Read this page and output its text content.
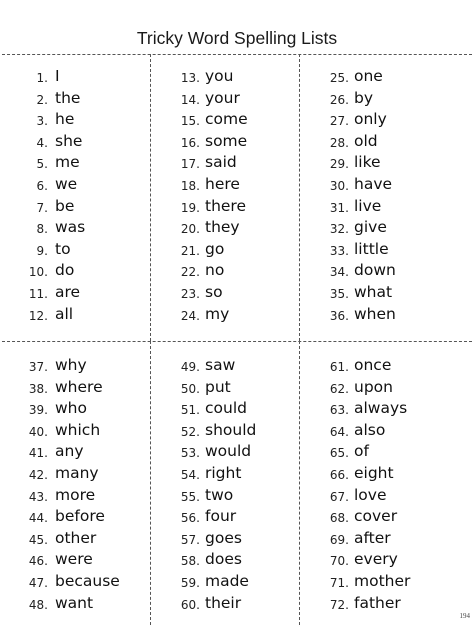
Tricky Word Spelling Lists
1. I
2. the
3. he
4. she
5. me
6. we
7. be
8. was
9. to
10. do
11. are
12. all
13. you
14. your
15. come
16. some
17. said
18. here
19. there
20. they
21. go
22. no
23. so
24. my
25. one
26. by
27. only
28. old
29. like
30. have
31. live
32. give
33. little
34. down
35. what
36. when
37. why
38. where
39. who
40. which
41. any
42. many
43. more
44. before
45. other
46. were
47. because
48. want
49. saw
50. put
51. could
52. should
53. would
54. right
55. two
56. four
57. goes
58. does
59. made
60. their
61. once
62. upon
63. always
64. also
65. of
66. eight
67. love
68. cover
69. after
70. every
71. mother
72. father
194
